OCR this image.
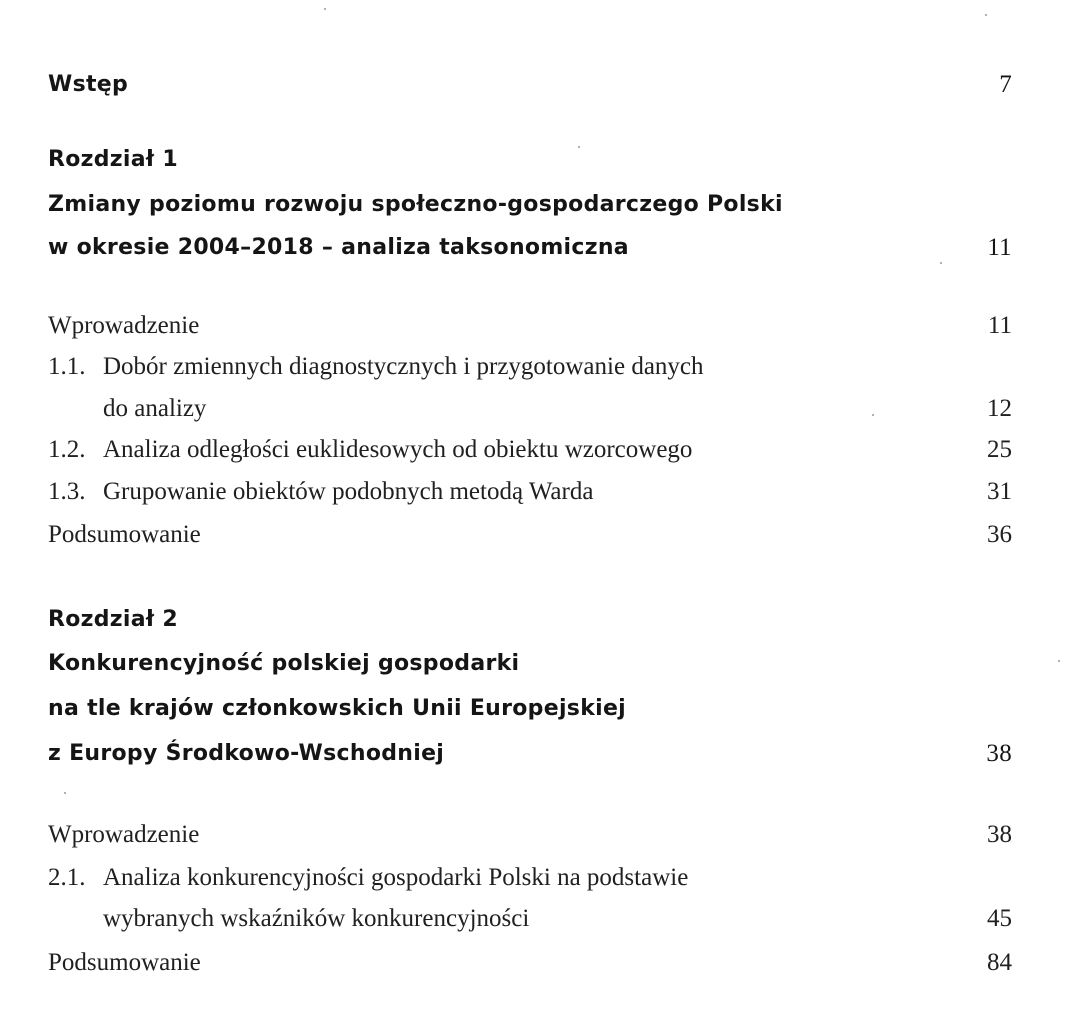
Wstęp	7
Rozdział 1
Zmiany poziomu rozwoju społeczno-gospodarczego Polski
w okresie 2004–2018 – analiza taksonomiczna	11
Wprowadzenie	11
1.1. Dobór zmiennych diagnostycznych i przygotowanie danych
do analizy	12
1.2. Analiza odległości euklidesowych od obiektu wzorcowego	25
1.3. Grupowanie obiektów podobnych metodą Warda	31
Podsumowanie	36
Rozdział 2
Konkurencyjność polskiej gospodarki
na tle krajów członkowskich Unii Europejskiej
z Europy Środkowo-Wschodniej	38
Wprowadzenie	38
2.1. Analiza konkurencyjności gospodarki Polski na podstawie
wybranych wskaźników konkurencyjności	45
Podsumowanie	84
